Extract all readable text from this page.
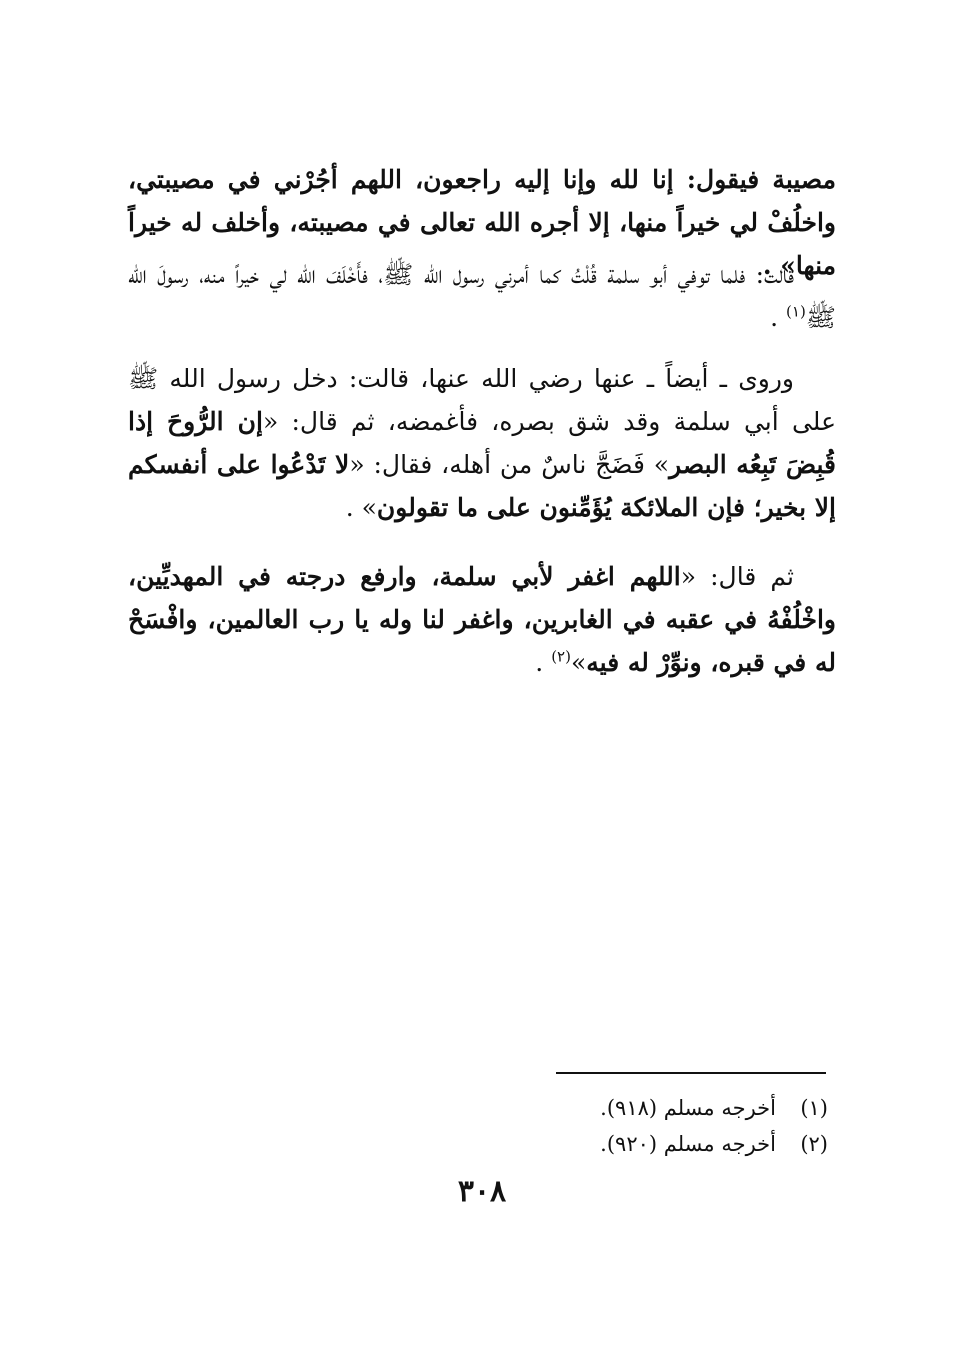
مصيبة فيقول: إنا لله وإنا إليه راجعون، اللهم أجُرْني في مصيبتي، واخلُفْ لي خيراً منها، إلا أجره الله تعالى في مصيبته، وأخلف له خيراً منها» .
قالت: فلما توفي أبو سلمة قُلْتُ كما أمرني رسول الله ﷺ، فأَخْلَفَ الله لي خيراً منه، رسولَ الله ﷺ$^{(١)}$ .
وروى ـ أيضاً ـ عنها رضي الله عنها، قالت: دخل رسول الله ﷺ على أبي سلمة وقد شق بصره، فأغمضه، ثم قال: «إن الرُّوحَ إذا قُبِضَ تَبِعُه البصر» فَضَجَّ ناسٌ من أهله، فقال: «لا تَدْعُوا على أنفسكم إلا بخير؛ فإن الملائكة يُؤَمِّنون على ما تقولون» .
ثم قال: «اللهم اغفر لأبي سلمة، وارفع درجته في المهديِّين، واخْلُفْهُ في عقبه في الغابرين، واغفر لنا وله يا رب العالمين، وافْسَحْ له في قبره، ونوِّرْ له فيه»$^{(٢)}$ .
(١)أخرجه مسلم (٩١٨).
(٢)أخرجه مسلم (٩٢٠).
٣٠٨
